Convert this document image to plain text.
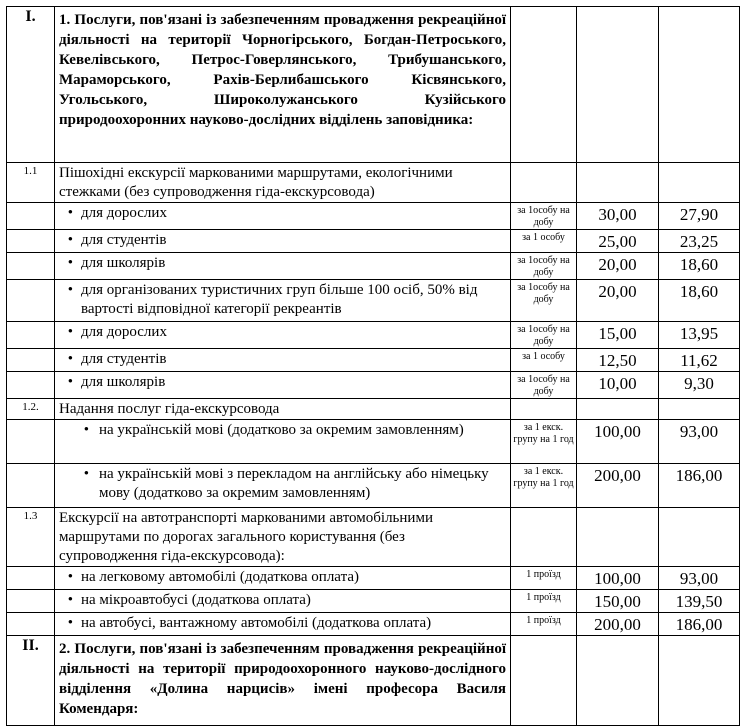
I.	1. Послуги, пов'язані із забезпеченням провадження рекреаційної діяльності на території Чорногірського, Богдан-Петроського, Кевелівського, Петрос-Говерлянського, Трибушанського, Мараморського, Рахів-Берлибашського Кісвянського, Угольського, Широколужанського Кузійського природоохоронних науково-дослідних відділень заповідника:			
1.1	Пішохідні екскурсії маркованими маршрутами, екологічними стежками (без супроводження гіда-екскурсовода)			

	• для дорослих	за 1особу на добу	30,00	27,90

	• для студентів	за 1 особу	25,00	23,25

	• для школярів	за 1особу на добу	20,00	18,60

	• для організованих туристичних груп більше 100 осіб, 50% від вартості відповідної категорії рекреантів	за 1особу на добу	20,00	18,60

	• для дорослих	за 1особу на добу	15,00	13,95

	• для студентів	за 1 особу	12,50	11,62

	• для школярів	за 1особу на добу	10,00	9,30
1.2.	Надання послуг гіда-екскурсовода			

	• на українській мові (додатково за окремим замовленням)	за 1 екск. групу на 1 год	100,00	93,00

	• на українській мові з перекладом на англійську або німецьку мову (додатково за окремим замовленням)	за 1 екск. групу на 1 год	200,00	186,00
1.3	Екскурсії на автотранспорті маркованими автомобільними маршрутами по дорогах загального користування (без супроводження гіда-екскурсовода):			

	• на легковому автомобілі (додаткова оплата)	1 проїзд	100,00	93,00

	• на мікроавтобусі (додаткова оплата)	1 проїзд	150,00	139,50

	• на автобусі, вантажному автомобілі (додаткова оплата)	1 проїзд	200,00	186,00
II.	2. Послуги, пов'язані із забезпеченням провадження рекреаційної діяльності на території природоохоронного науково-дослідного відділення «Долина нарцисів» імені професора Василя Комендаря:			
